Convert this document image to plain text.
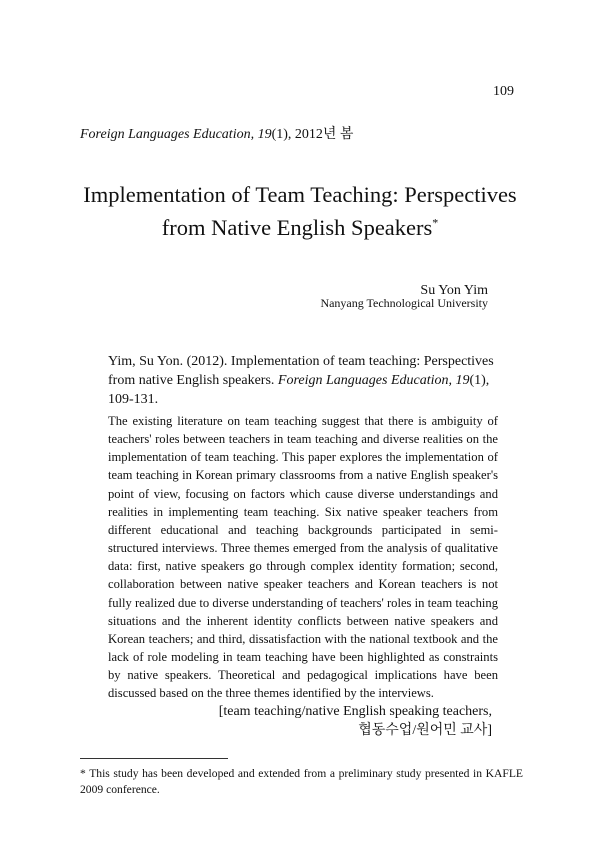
109
Foreign Languages Education, 19(1), 2012년 봄
Implementation of Team Teaching: Perspectives
from Native English Speakers*
Su Yon Yim
Nanyang Technological University
Yim, Su Yon. (2012). Implementation of team teaching: Perspectives from native English speakers. Foreign Languages Education, 19(1), 109-131.
The existing literature on team teaching suggest that there is ambiguity of teachers' roles between teachers in team teaching and diverse realities on the implementation of team teaching. This paper explores the implementation of team teaching in Korean primary classrooms from a native English speaker's point of view, focusing on factors which cause diverse understandings and realities in implementing team teaching. Six native speaker teachers from different educational and teaching backgrounds participated in semi-structured interviews. Three themes emerged from the analysis of qualitative data: first, native speakers go through complex identity formation; second, collaboration between native speaker teachers and Korean teachers is not fully realized due to diverse understanding of teachers' roles in team teaching situations and the inherent identity conflicts between native speakers and Korean teachers; and third, dissatisfaction with the national textbook and the lack of role modeling in team teaching have been highlighted as constraints by native speakers. Theoretical and pedagogical implications have been discussed based on the three themes identified by the interviews.
[team teaching/native English speaking teachers,
협동수업/원어민 교사]
* This study has been developed and extended from a preliminary study presented in KAFLE 2009 conference.
